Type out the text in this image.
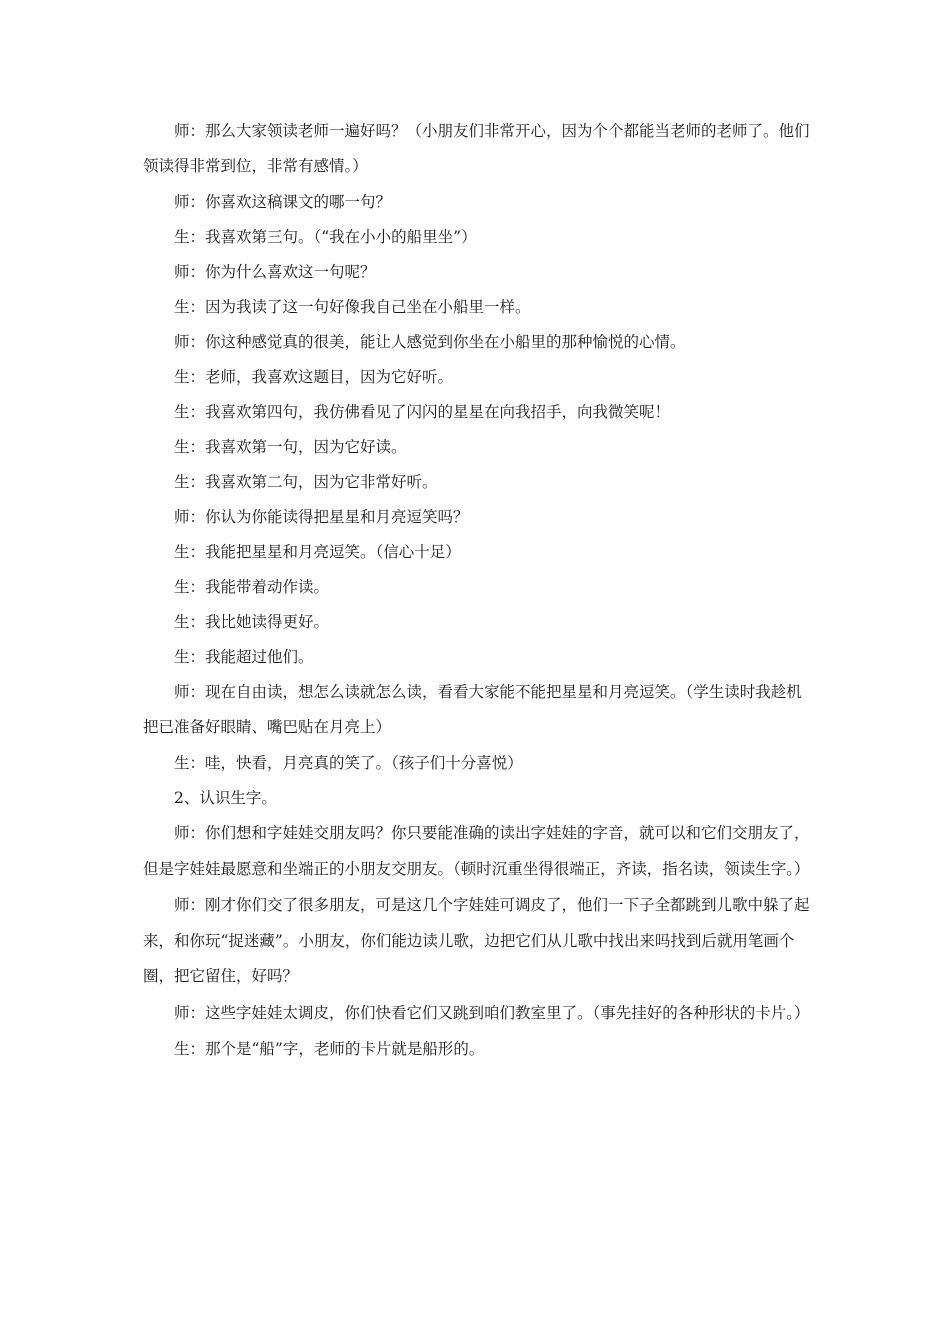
师：那么大家领读老师一遍好吗？（小朋友们非常开心，因为个个都能当老师的老师了。他们领读得非常到位，非常有感情。）

师：你喜欢这稿课文的哪一句？

生：我喜欢第三句。（“我在小小的船里坐”）

师：你为什么喜欢这一句呢？

生：因为我读了这一句好像我自己坐在小船里一样。

师：你这种感觉真的很美，能让人感觉到你坐在小船里的那种愉悦的心情。

生：老师，我喜欢这题目，因为它好听。

生：我喜欢第四句，我仿佛看见了闪闪的星星在向我招手，向我微笑呢！

生：我喜欢第一句，因为它好读。

生：我喜欢第二句，因为它非常好听。

师：你认为你能读得把星星和月亮逗笑吗？

生：我能把星星和月亮逗笑。（信心十足）

生：我能带着动作读。

生：我比她读得更好。

生：我能超过他们。

师：现在自由读，想怎么读就怎么读，看看大家能不能把星星和月亮逗笑。（学生读时我趁机把已准备好眼睛、嘴巴贴在月亮上）

生：哇，快看，月亮真的笑了。（孩子们十分喜悦）

2、认识生字。

师：你们想和字娃娃交朋友吗？你只要能准确的读出字娃娃的字音，就可以和它们交朋友了，但是字娃娃最愿意和坐端正的小朋友交朋友。（顿时沉重坐得很端正，齐读，指名读，领读生字。）

师：刚才你们交了很多朋友，可是这几个字娃娃可调皮了，他们一下子全都跳到儿歌中躲了起来，和你玩“捉迷藏”。小朋友，你们能边读儿歌，边把它们从儿歌中找出来吗找到后就用笔画个圈，把它留住，好吗？

师：这些字娃娃太调皮，你们快看它们又跳到咱们教室里了。（事先挂好的各种形状的卡片。）

生：那个是“船”字，老师的卡片就是船形的。
